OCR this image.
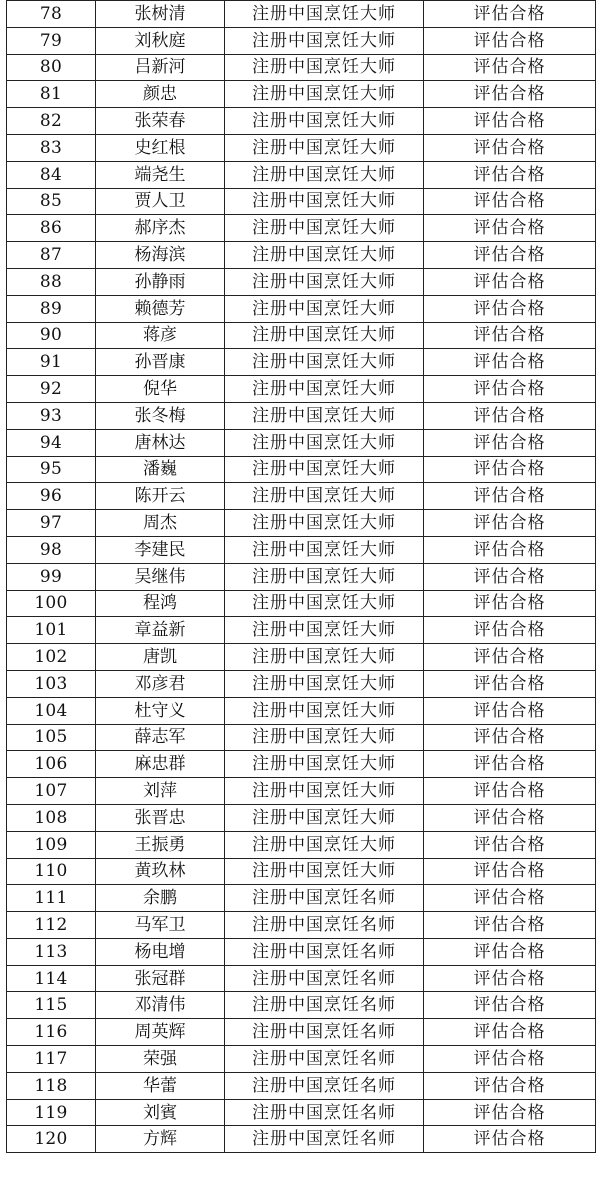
78	张树清	注册中国烹饪大师	评估合格
79	刘秋庭	注册中国烹饪大师	评估合格
80	吕新河	注册中国烹饪大师	评估合格
81	颜忠	注册中国烹饪大师	评估合格
82	张荣春	注册中国烹饪大师	评估合格
83	史红根	注册中国烹饪大师	评估合格
84	端尧生	注册中国烹饪大师	评估合格
85	贾人卫	注册中国烹饪大师	评估合格
86	郝序杰	注册中国烹饪大师	评估合格
87	杨海滨	注册中国烹饪大师	评估合格
88	孙静雨	注册中国烹饪大师	评估合格
89	赖德芳	注册中国烹饪大师	评估合格
90	蒋彦	注册中国烹饪大师	评估合格
91	孙晋康	注册中国烹饪大师	评估合格
92	倪华	注册中国烹饪大师	评估合格
93	张冬梅	注册中国烹饪大师	评估合格
94	唐林达	注册中国烹饪大师	评估合格
95	潘巍	注册中国烹饪大师	评估合格
96	陈开云	注册中国烹饪大师	评估合格
97	周杰	注册中国烹饪大师	评估合格
98	李建民	注册中国烹饪大师	评估合格
99	吴继伟	注册中国烹饪大师	评估合格
100	程鸿	注册中国烹饪大师	评估合格
101	章益新	注册中国烹饪大师	评估合格
102	唐凯	注册中国烹饪大师	评估合格
103	邓彦君	注册中国烹饪大师	评估合格
104	杜守义	注册中国烹饪大师	评估合格
105	薛志军	注册中国烹饪大师	评估合格
106	麻忠群	注册中国烹饪大师	评估合格
107	刘萍	注册中国烹饪大师	评估合格
108	张晋忠	注册中国烹饪大师	评估合格
109	王振勇	注册中国烹饪大师	评估合格
110	黄玖林	注册中国烹饪大师	评估合格
111	余鹏	注册中国烹饪名师	评估合格
112	马军卫	注册中国烹饪名师	评估合格
113	杨电增	注册中国烹饪名师	评估合格
114	张冠群	注册中国烹饪名师	评估合格
115	邓清伟	注册中国烹饪名师	评估合格
116	周英辉	注册中国烹饪名师	评估合格
117	荣强	注册中国烹饪名师	评估合格
118	华蕾	注册中国烹饪名师	评估合格
119	刘賓	注册中国烹饪名师	评估合格
120	方辉	注册中国烹饪名师	评估合格
